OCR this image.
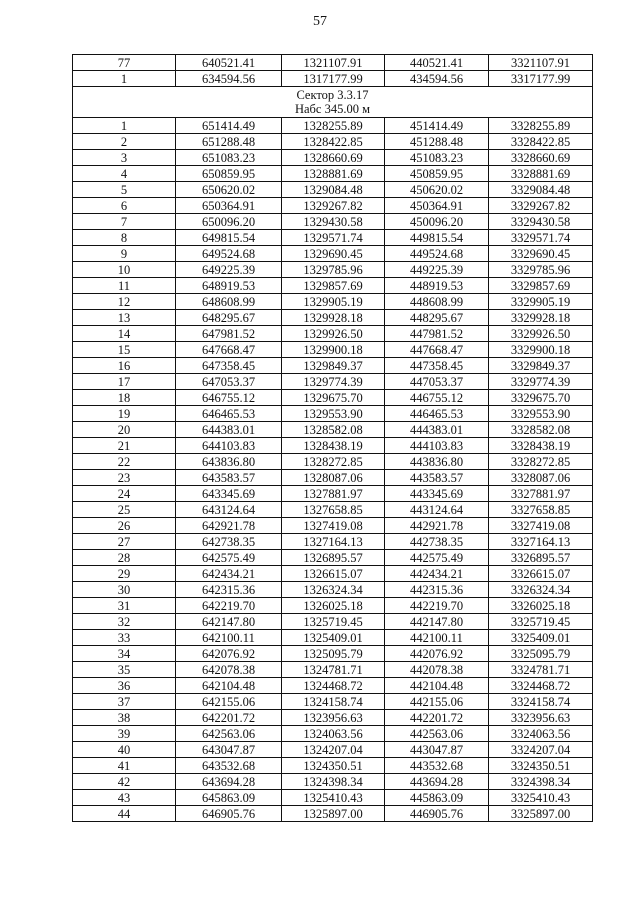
57
77	640521.41	1321107.91	440521.41	3321107.91
1	634594.56	1317177.99	434594.56	3317177.99

Сектор 3.3.17
Набс 345.00 м				

1	651414.49	1328255.89	451414.49	3328255.89
2	651288.48	1328422.85	451288.48	3328422.85
3	651083.23	1328660.69	451083.23	3328660.69
4	650859.95	1328881.69	450859.95	3328881.69
5	650620.02	1329084.48	450620.02	3329084.48
6	650364.91	1329267.82	450364.91	3329267.82
7	650096.20	1329430.58	450096.20	3329430.58
8	649815.54	1329571.74	449815.54	3329571.74
9	649524.68	1329690.45	449524.68	3329690.45
10	649225.39	1329785.96	449225.39	3329785.96
11	648919.53	1329857.69	448919.53	3329857.69
12	648608.99	1329905.19	448608.99	3329905.19
13	648295.67	1329928.18	448295.67	3329928.18
14	647981.52	1329926.50	447981.52	3329926.50
15	647668.47	1329900.18	447668.47	3329900.18
16	647358.45	1329849.37	447358.45	3329849.37
17	647053.37	1329774.39	447053.37	3329774.39
18	646755.12	1329675.70	446755.12	3329675.70
19	646465.53	1329553.90	446465.53	3329553.90
20	644383.01	1328582.08	444383.01	3328582.08
21	644103.83	1328438.19	444103.83	3328438.19
22	643836.80	1328272.85	443836.80	3328272.85
23	643583.57	1328087.06	443583.57	3328087.06
24	643345.69	1327881.97	443345.69	3327881.97
25	643124.64	1327658.85	443124.64	3327658.85
26	642921.78	1327419.08	442921.78	3327419.08
27	642738.35	1327164.13	442738.35	3327164.13
28	642575.49	1326895.57	442575.49	3326895.57
29	642434.21	1326615.07	442434.21	3326615.07
30	642315.36	1326324.34	442315.36	3326324.34
31	642219.70	1326025.18	442219.70	3326025.18
32	642147.80	1325719.45	442147.80	3325719.45
33	642100.11	1325409.01	442100.11	3325409.01
34	642076.92	1325095.79	442076.92	3325095.79
35	642078.38	1324781.71	442078.38	3324781.71
36	642104.48	1324468.72	442104.48	3324468.72
37	642155.06	1324158.74	442155.06	3324158.74
38	642201.72	1323956.63	442201.72	3323956.63
39	642563.06	1324063.56	442563.06	3324063.56
40	643047.87	1324207.04	443047.87	3324207.04
41	643532.68	1324350.51	443532.68	3324350.51
42	643694.28	1324398.34	443694.28	3324398.34
43	645863.09	1325410.43	445863.09	3325410.43
44	646905.76	1325897.00	446905.76	3325897.00
